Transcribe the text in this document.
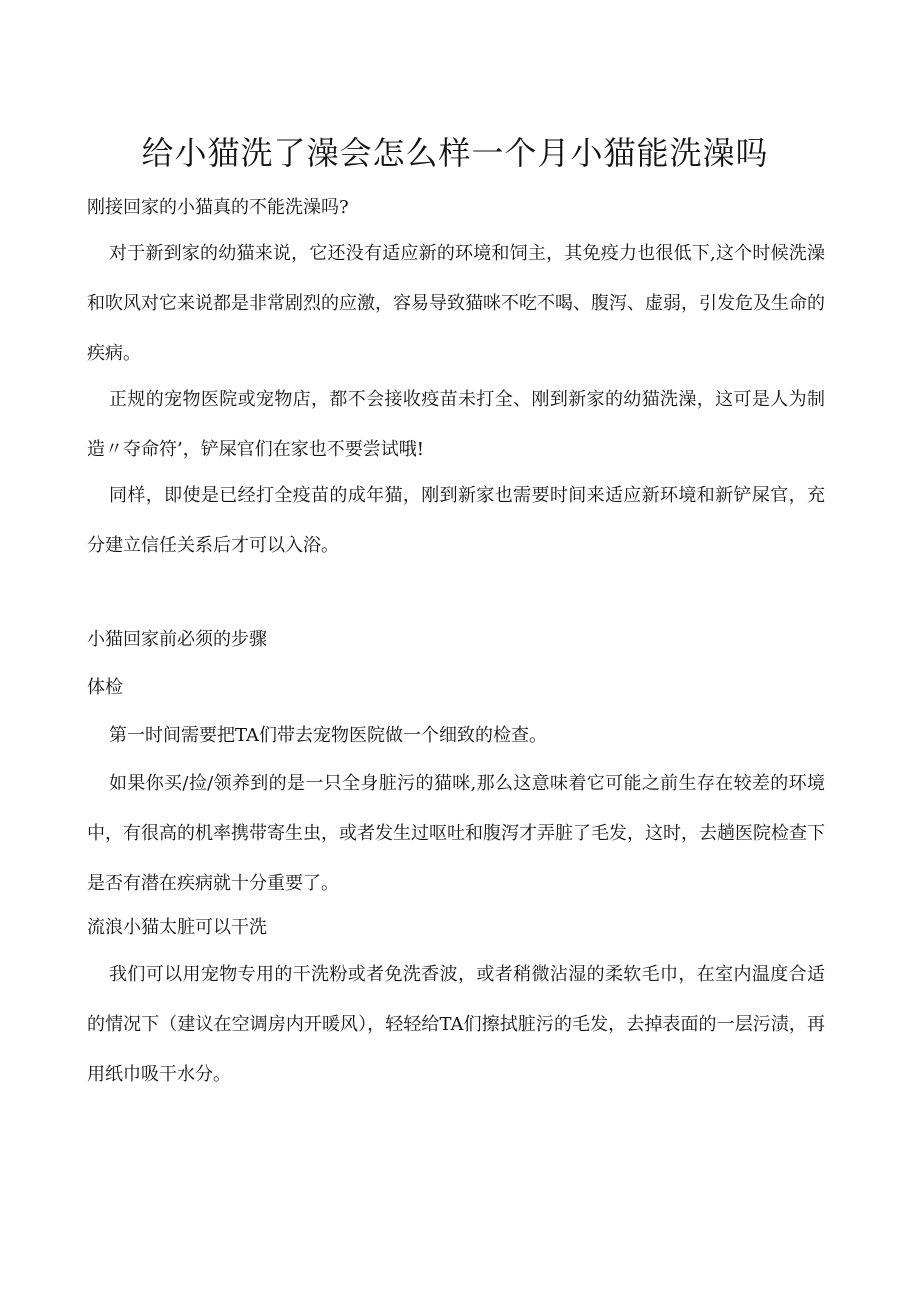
给小猫洗了澡会怎么样一个月小猫能洗澡吗

刚接回家的小猫真的不能洗澡吗?

对于新到家的幼猫来说，它还没有适应新的环境和饲主，其免疫力也很低下,这个时候洗澡和吹风对它来说都是非常剧烈的应激，容易导致猫咪不吃不喝、腹泻、虚弱，引发危及生命的疾病。

正规的宠物医院或宠物店，都不会接收疫苗未打全、刚到新家的幼猫洗澡，这可是人为制造〃夺命符’，铲屎官们在家也不要尝试哦!

同样，即使是已经打全疫苗的成年猫，刚到新家也需要时间来适应新环境和新铲屎官，充分建立信任关系后才可以入浴。

小猫回家前必须的步骤

体检

第一时间需要把TA们带去宠物医院做一个细致的检查。

如果你买/捡/领养到的是一只全身脏污的猫咪,那么这意味着它可能之前生存在较差的环境中，有很高的机率携带寄生虫，或者发生过呕吐和腹泻才弄脏了毛发，这时，去趟医院检查下是否有潜在疾病就十分重要了。

流浪小猫太脏可以干洗

我们可以用宠物专用的干洗粉或者免洗香波，或者稍微沾湿的柔软毛巾，在室内温度合适的情况下（建议在空调房内开暖风），轻轻给TA们擦拭脏污的毛发，去掉表面的一层污渍，再用纸巾吸干水分。
